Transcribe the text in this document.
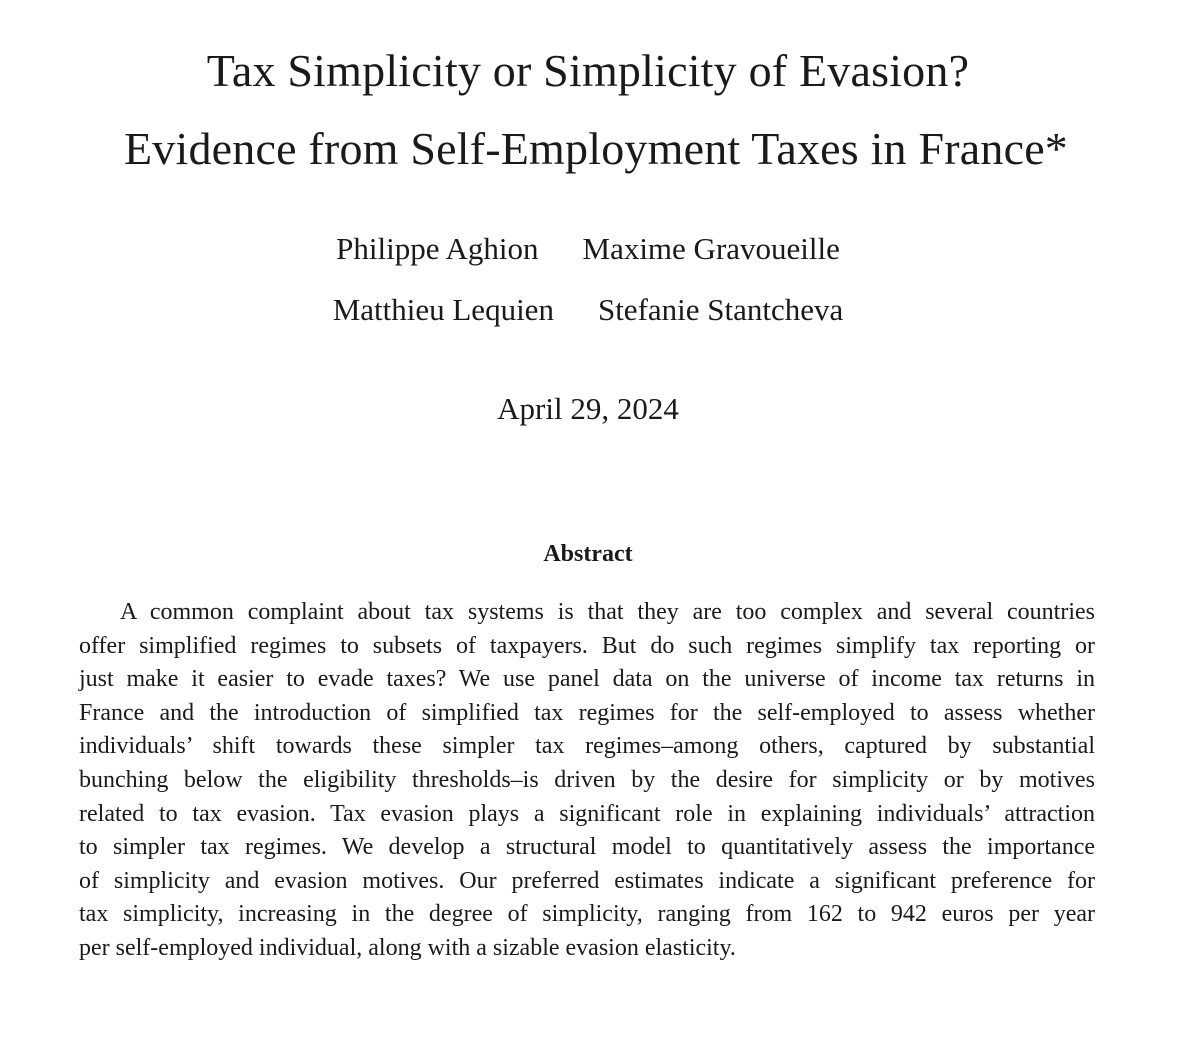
Tax Simplicity or Simplicity of Evasion?
Evidence from Self-Employment Taxes in France*
Philippe Aghion Maxime Gravoueille
Matthieu Lequien Stefanie Stantcheva
April 29, 2024
Abstract
A common complaint about tax systems is that they are too complex and several countries
offer simplified regimes to subsets of taxpayers. But do such regimes simplify tax reporting or
just make it easier to evade taxes? We use panel data on the universe of income tax returns in
France and the introduction of simplified tax regimes for the self-employed to assess whether
individuals’ shift towards these simpler tax regimes–among others, captured by substantial
bunching below the eligibility thresholds–is driven by the desire for simplicity or by motives
related to tax evasion. Tax evasion plays a significant role in explaining individuals’ attraction
to simpler tax regimes. We develop a structural model to quantitatively assess the importance
of simplicity and evasion motives. Our preferred estimates indicate a significant preference for
tax simplicity, increasing in the degree of simplicity, ranging from 162 to 942 euros per year
per self-employed individual, along with a sizable evasion elasticity.
